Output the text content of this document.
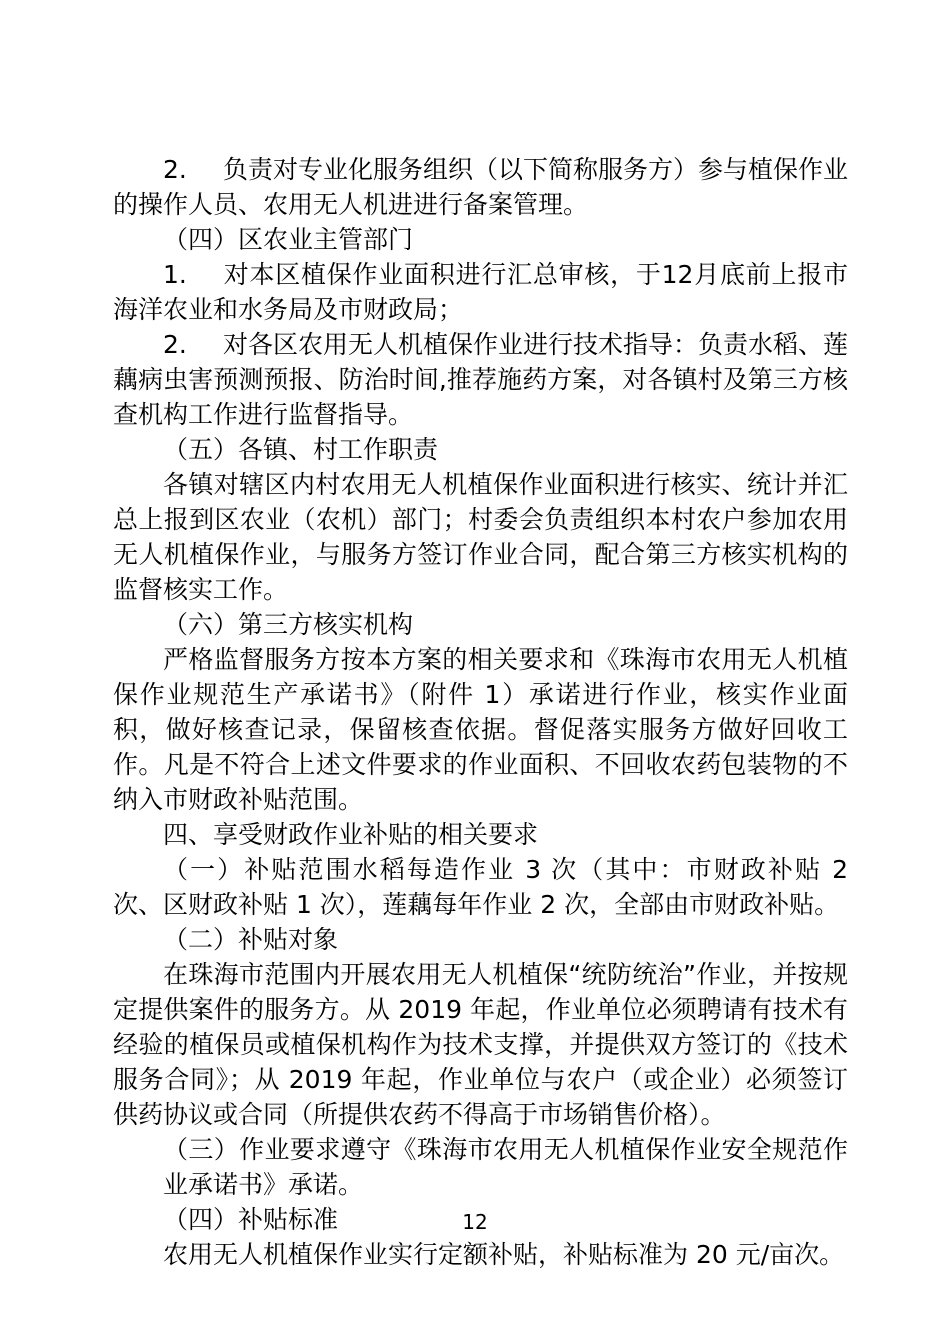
2. 负责对专业化服务组织（以下简称服务方）参与植保作业的操作人员、农用无人机进进行备案管理。

（四）区农业主管部门

1. 对本区植保作业面积进行汇总审核，于12月底前上报市海洋农业和水务局及市财政局；

2. 对各区农用无人机植保作业进行技术指导：负责水稻、莲藕病虫害预测预报、防治时间,推荐施药方案，对各镇村及第三方核查机构工作进行监督指导。

（五）各镇、村工作职责

各镇对辖区内村农用无人机植保作业面积进行核实、统计并汇总上报到区农业（农机）部门；村委会负责组织本村农户参加农用无人机植保作业，与服务方签订作业合同，配合第三方核实机构的监督核实工作。

（六）第三方核实机构

严格监督服务方按本方案的相关要求和《珠海市农用无人机植保作业规范生产承诺书》（附件 1）承诺进行作业，核实作业面积，做好核查记录，保留核查依据。督促落实服务方做好回收工作。凡是不符合上述文件要求的作业面积、不回收农药包装物的不纳入市财政补贴范围。

四、享受财政作业补贴的相关要求

（一）补贴范围水稻每造作业 3 次（其中：市财政补贴 2 次、区财政补贴 1 次），莲藕每年作业 2 次，全部由市财政补贴。

（二）补贴对象

在珠海市范围内开展农用无人机植保“统防统治”作业，并按规定提供案件的服务方。从 2019 年起，作业单位必须聘请有技术有经验的植保员或植保机构作为技术支撑，并提供双方签订的《技术服务合同》；从 2019 年起，作业单位与农户（或企业）必须签订供药协议或合同（所提供农药不得高于市场销售价格）。

（三）作业要求遵守《珠海市农用无人机植保作业安全规范作业承诺书》承诺。

（四）补贴标准

农用无人机植保作业实行定额补贴，补贴标准为 20 元/亩次。

12
